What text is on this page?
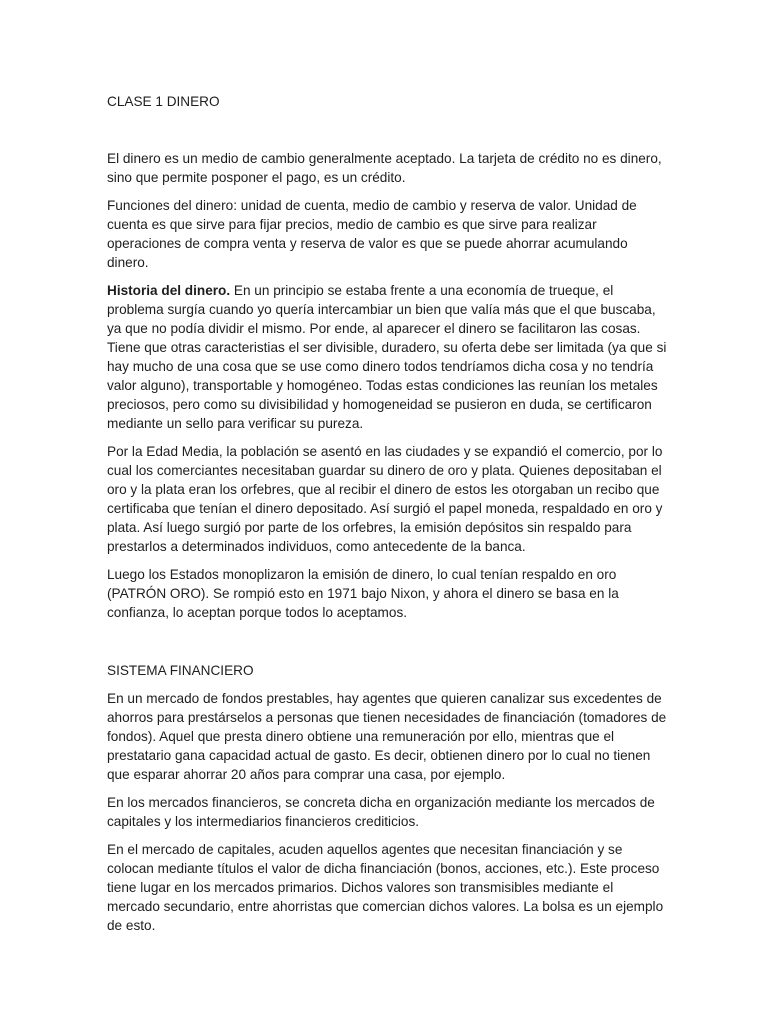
CLASE 1 DINERO

El dinero es un medio de cambio generalmente aceptado. La tarjeta de crédito no es dinero, sino que permite posponer el pago, es un crédito.

Funciones del dinero: unidad de cuenta, medio de cambio y reserva de valor. Unidad de cuenta es que sirve para fijar precios, medio de cambio es que sirve para realizar operaciones de compra venta y reserva de valor es que se puede ahorrar acumulando dinero.

Historia del dinero. En un principio se estaba frente a una economía de trueque, el problema surgía cuando yo quería intercambiar un bien que valía más que el que buscaba, ya que no podía dividir el mismo. Por ende, al aparecer el dinero se facilitaron las cosas. Tiene que otras caracteristias el ser divisible, duradero, su oferta debe ser limitada (ya que si hay mucho de una cosa que se use como dinero todos tendríamos dicha cosa y no tendría valor alguno), transportable y homogéneo. Todas estas condiciones las reunían los metales preciosos, pero como su divisibilidad y homogeneidad se pusieron en duda, se certificaron mediante un sello para verificar su pureza.

Por la Edad Media, la población se asentó en las ciudades y se expandió el comercio, por lo cual los comerciantes necesitaban guardar su dinero de oro y plata. Quienes depositaban el oro y la plata eran los orfebres, que al recibir el dinero de estos les otorgaban un recibo que certificaba que tenían el dinero depositado. Así surgió el papel moneda, respaldado en oro y plata. Así luego surgió por parte de los orfebres, la emisión depósitos sin respaldo para prestarlos a determinados individuos, como antecedente de la banca.

Luego los Estados monoplizaron la emisión de dinero, lo cual tenían respaldo en oro (PATRÓN ORO). Se rompió esto en 1971 bajo Nixon, y ahora el dinero se basa en la confianza, lo aceptan porque todos lo aceptamos.

SISTEMA FINANCIERO

En un mercado de fondos prestables, hay agentes que quieren canalizar sus excedentes de ahorros para prestárselos a personas que tienen necesidades de financiación (tomadores de fondos). Aquel que presta dinero obtiene una remuneración por ello, mientras que el prestatario gana capacidad actual de gasto. Es decir, obtienen dinero por lo cual no tienen que esparar ahorrar 20 años para comprar una casa, por ejemplo.

En los mercados financieros, se concreta dicha en organización mediante los mercados de capitales y los intermediarios financieros crediticios.

En el mercado de capitales, acuden aquellos agentes que necesitan financiación y se colocan mediante títulos el valor de dicha financiación (bonos, acciones, etc.). Este proceso tiene lugar en los mercados primarios. Dichos valores son transmisibles mediante el mercado secundario, entre ahorristas que comercian dichos valores. La bolsa es un ejemplo de esto.
